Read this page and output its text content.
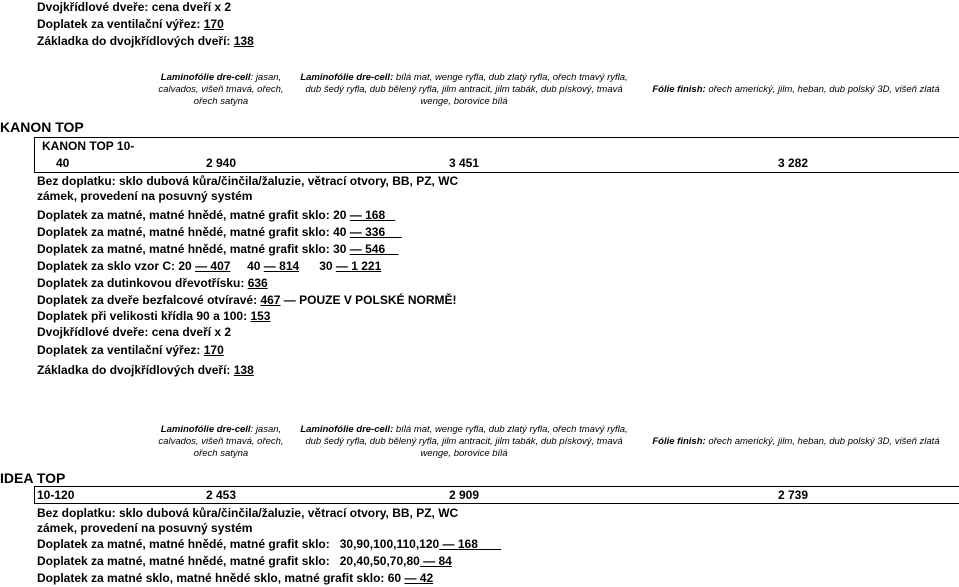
Dvojkřídlové dveře: cena dveří x 2
Doplatek za ventilační výřez: 170
Základka do dvojkřídlových dveří: 138
Laminofólie dre-cell: jasan, calvados, višeň tmavá, ořech, ořech satyna
Laminofólie dre-cell: bílá mat, wenge ryfla, dub zlatý ryfla, ořech tmavý ryfla, dub šedý ryfla, dub bělený ryfla, jilm antracit, jilm tabák, dub pískový, tmavá wenge, borovice bílá
Fólie finish: ořech americký, jilm, heban, dub polský 3D, višeň zlatá
KANON TOP
KANON TOP 10-
40	2 940	3 451	3 282
Bez doplatku: sklo dubová kůra/činčila/žaluzie, větrací otvory, BB, PZ, WC
zámek, provedení na posuvný systém
Doplatek za matné, matné hnědé, matné grafit sklo: 20 — 168
Doplatek za matné, matné hnědé, matné grafit sklo: 40 — 336
Doplatek za matné, matné hnědé, matné grafit sklo: 30 — 546
Doplatek za sklo vzor C: 20 — 407 40 — 814 30 — 1 221
Doplatek za dutinkovou dřevotřísku: 636
Doplatek za dveře bezfalcové otvíravé: 467 — POUZE V POLSKÉ NORMĚ!
Doplatek při velikosti křídla 90 a 100: 153
Dvojkřídlové dveře: cena dveří x 2
Doplatek za ventilační výřez: 170
Základka do dvojkřídlových dveří: 138
Laminofólie dre-cell: jasan, calvados, višeň tmavá, ořech, ořech satyna
Laminofólie dre-cell: bílá mat, wenge ryfla, dub zlatý ryfla, ořech tmavý ryfla, dub šedý ryfla, dub bělený ryfla, jilm antracit, jilm tabák, dub pískový, tmavá wenge, borovice bílá
Fólie finish: ořech americký, jilm, heban, dub polský 3D, višeň zlatá
IDEA TOP
10-120	2 453	2 909	2 739
Bez doplatku: sklo dubová kůra/činčila/žaluzie, větrací otvory, BB, PZ, WC
zámek, provedení na posuvný systém
Doplatek za matné, matné hnědé, matné grafit sklo: 30,90,100,110,120 — 168
Doplatek za matné, matné hnědé, matné grafit sklo: 20,40,50,70,80 — 84
Doplatek za matné sklo, matné hnědé sklo, matné grafit sklo: 60 — 42
